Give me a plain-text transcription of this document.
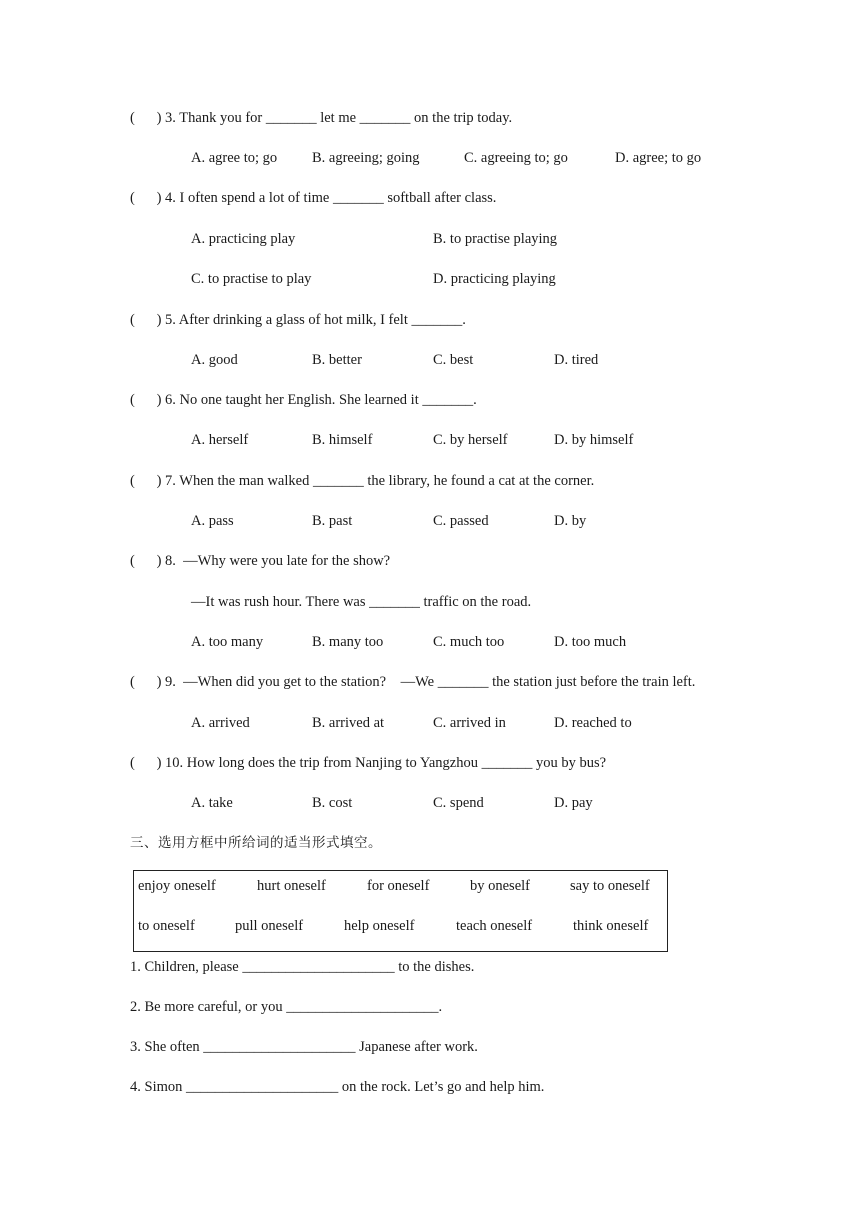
(      ) 3. Thank you for _______ let me _______ on the trip today.
A. agree to; go B. agreeing; going	C. agreeing to; go	D. agree; to go
(      ) 4. I often spend a lot of time _______ softball after class.
A. practicing play	B. to practise playing
C. to practise to play	D. practicing playing
(      ) 5. After drinking a glass of hot milk, I felt _______.
A. good	B. better	C. best	D. tired
(      ) 6. No one taught her English. She learned it _______.
A. herself	B. himself	C. by herself	D. by himself
(      ) 7. When the man walked _______ the library, he found a cat at the corner.
A. pass	B. past	C. passed	D. by
(      ) 8.  —Why were you late for the show?
—It was rush hour. There was _______ traffic on the road.
A. too many	B. many too	C. much too	D. too much
(      ) 9.  —When did you get to the station?    —We _______ the station just before the train left.
A. arrived	B. arrived at	C. arrived in	D. reached to
(      ) 10. How long does the trip from Nanjing to Yangzhou _______ you by bus?
A. take	B. cost	C. spend	D. pay
三、选用方框中所给词的适当形式填空。
enjoy oneself	hurt oneself	for oneself	by oneself	say to oneself
to oneself	pull oneself	help oneself	teach oneself	think oneself
1. Children, please _____________________ to the dishes.
2. Be more careful, or you _____________________.
3. She often _____________________ Japanese after work.
4. Simon _____________________ on the rock. Let’s go and help him.
